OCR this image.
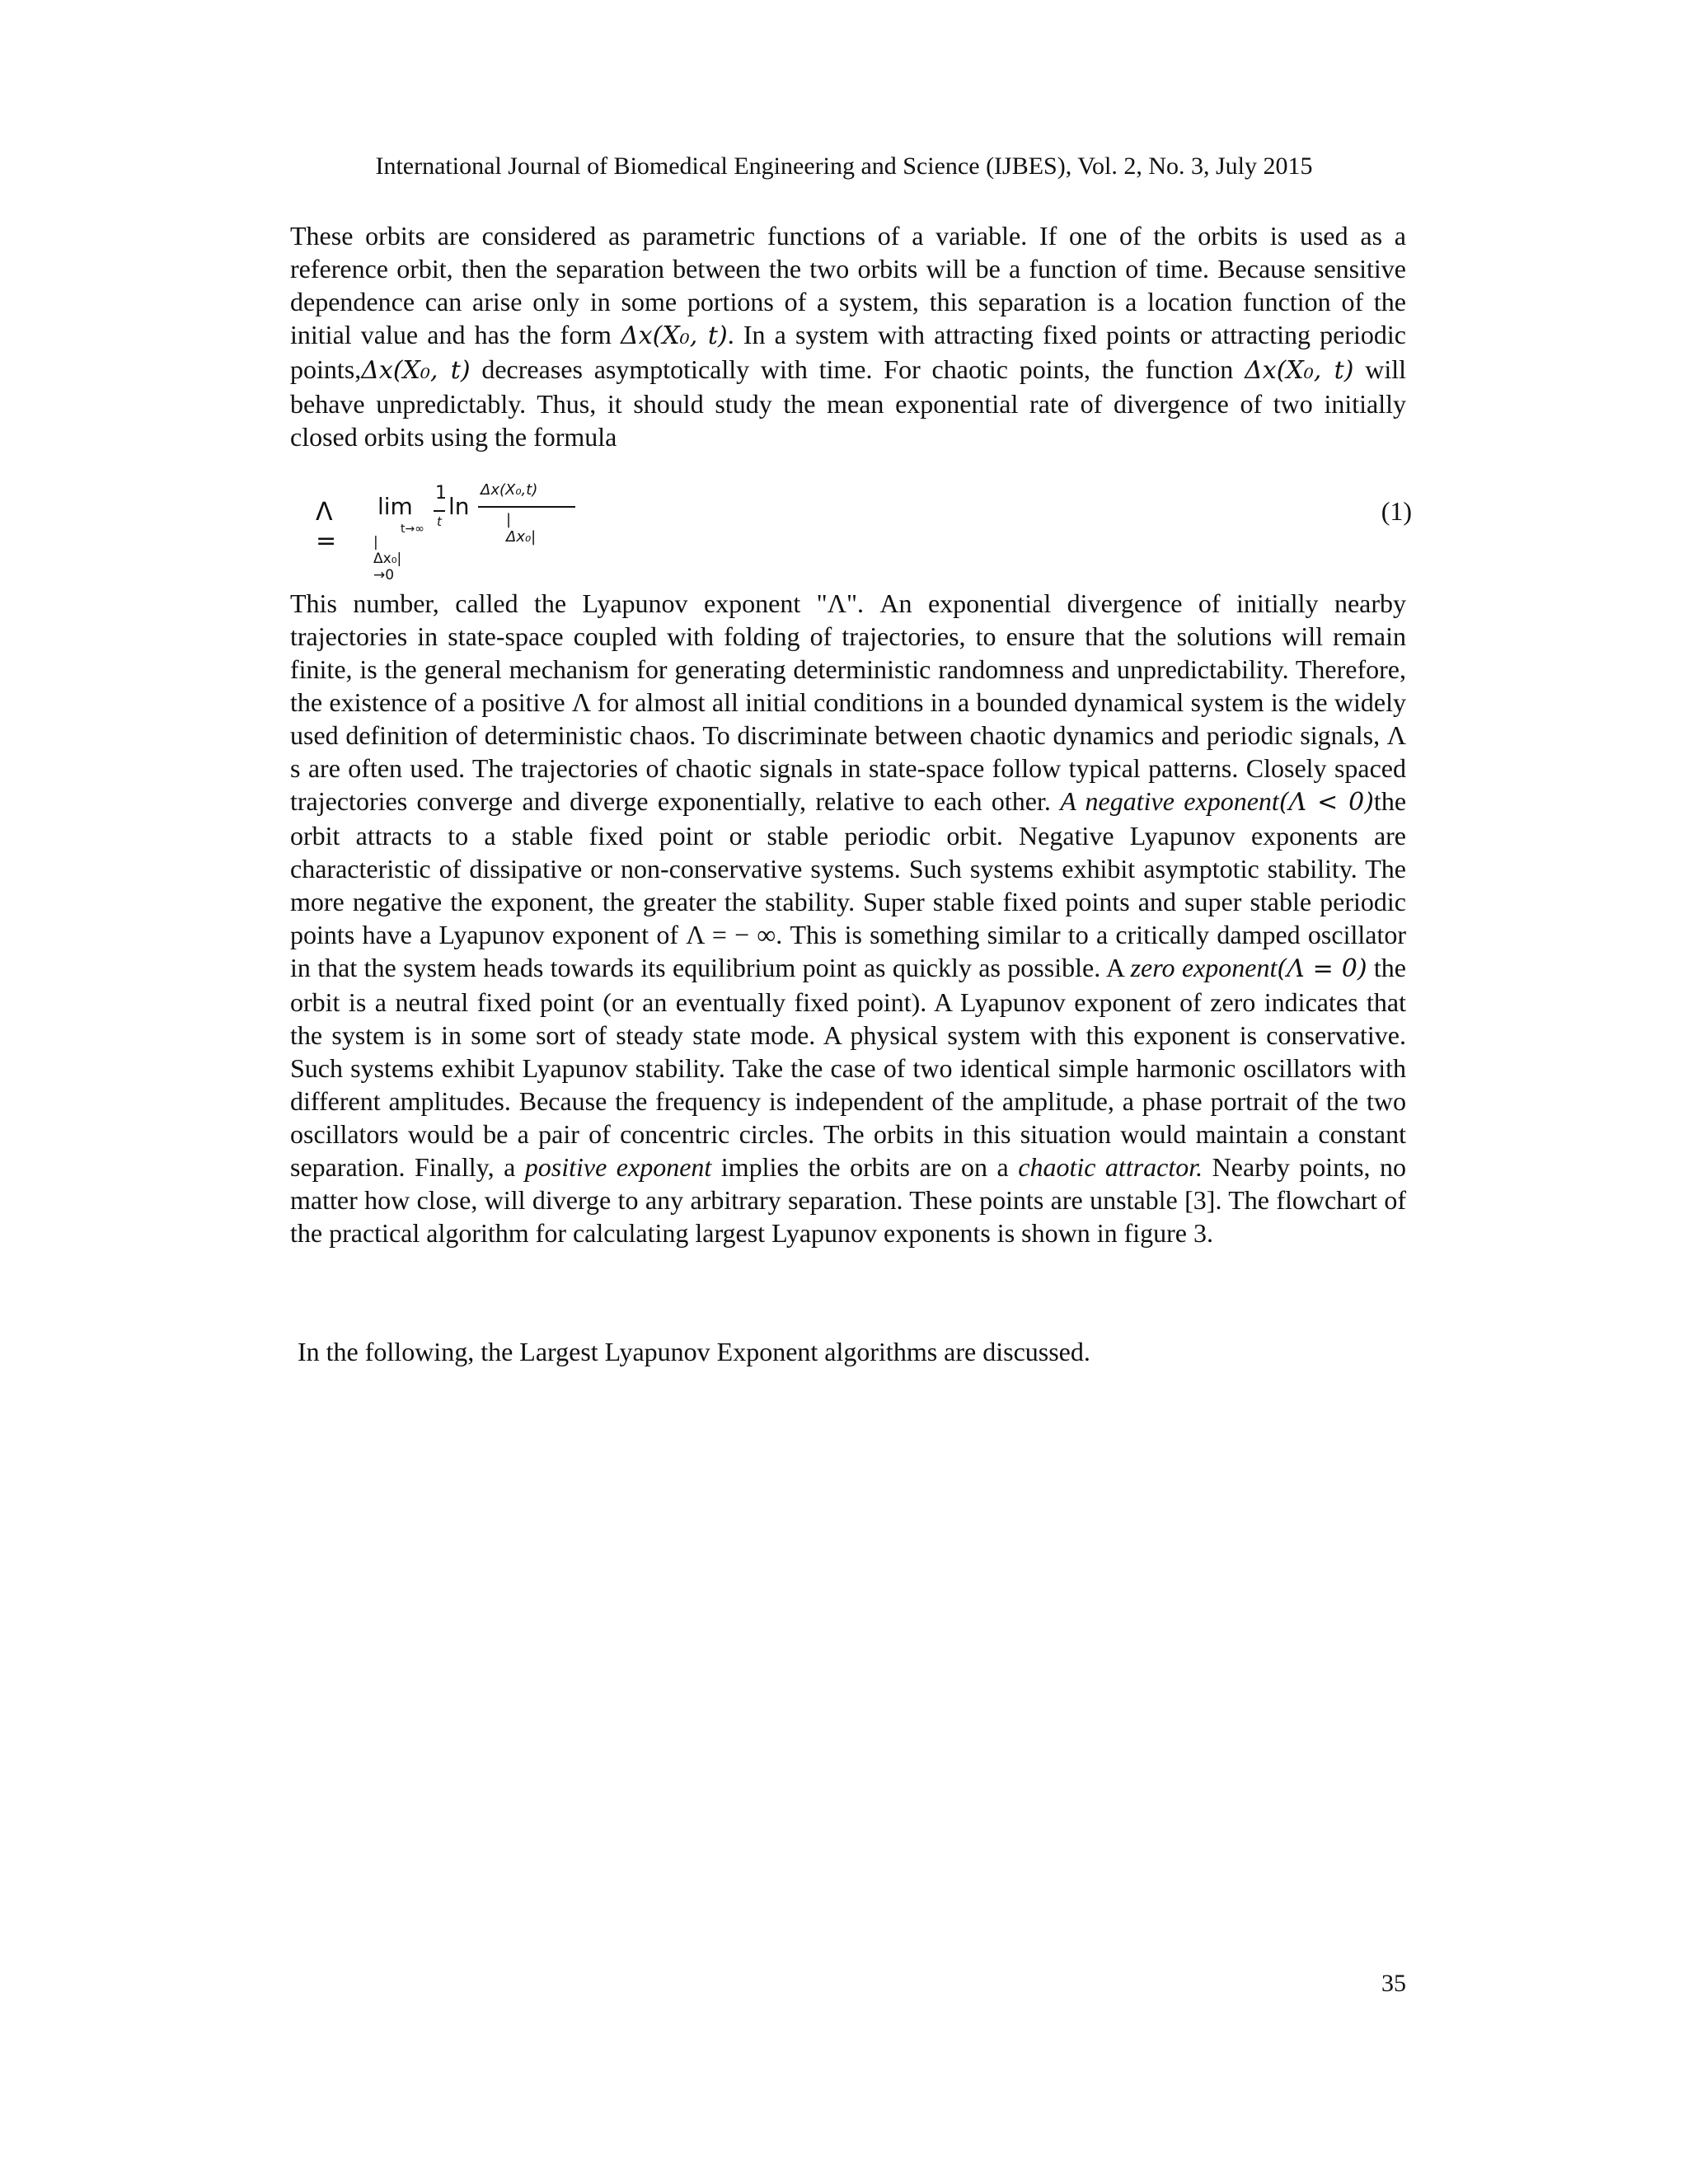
International Journal of Biomedical Engineering and Science (IJBES), Vol. 2, No. 3, July 2015
These orbits are considered as parametric functions of a variable. If one of the orbits is used as a reference orbit, then the separation between the two orbits will be a function of time. Because sensitive dependence can arise only in some portions of a system, this separation is a location function of the initial value and has the form Δx(X₀, t). In a system with attracting fixed points or attracting periodic points,Δx(X₀, t) decreases asymptotically with time. For chaotic points, the function Δx(X₀, t) will behave unpredictably. Thus, it should study the mean exponential rate of divergence of two initially closed orbits using the formula
Λ =
lim
t→∞
|Δx₀|→0
1
t
ln
Δx(X₀,t)
|Δx₀|
(1)
This number, called the Lyapunov exponent "Λ". An exponential divergence of initially nearby trajectories in state-space coupled with folding of trajectories, to ensure that the solutions will remain finite, is the general mechanism for generating deterministic randomness and unpredictability. Therefore, the existence of a positive Λ for almost all initial conditions in a bounded dynamical system is the widely used definition of deterministic chaos. To discriminate between chaotic dynamics and periodic signals, Λ s are often used. The trajectories of chaotic signals in state-space follow typical patterns. Closely spaced trajectories converge and diverge exponentially, relative to each other. A negative exponent(Λ < 0)the orbit attracts to a stable fixed point or stable periodic orbit. Negative Lyapunov exponents are characteristic of dissipative or non-conservative systems. Such systems exhibit asymptotic stability. The more negative the exponent, the greater the stability. Super stable fixed points and super stable periodic points have a Lyapunov exponent of Λ = − ∞. This is something similar to a critically damped oscillator in that the system heads towards its equilibrium point as quickly as possible. A zero exponent(Λ = 0) the orbit is a neutral fixed point (or an eventually fixed point). A Lyapunov exponent of zero indicates that the system is in some sort of steady state mode. A physical system with this exponent is conservative. Such systems exhibit Lyapunov stability. Take the case of two identical simple harmonic oscillators with different amplitudes. Because the frequency is independent of the amplitude, a phase portrait of the two oscillators would be a pair of concentric circles. The orbits in this situation would maintain a constant separation. Finally, a positive exponent implies the orbits are on a chaotic attractor. Nearby points, no matter how close, will diverge to any arbitrary separation. These points are unstable [3]. The flowchart of the practical algorithm for calculating largest Lyapunov exponents is shown in figure 3.
In the following, the Largest Lyapunov Exponent algorithms are discussed.
35
